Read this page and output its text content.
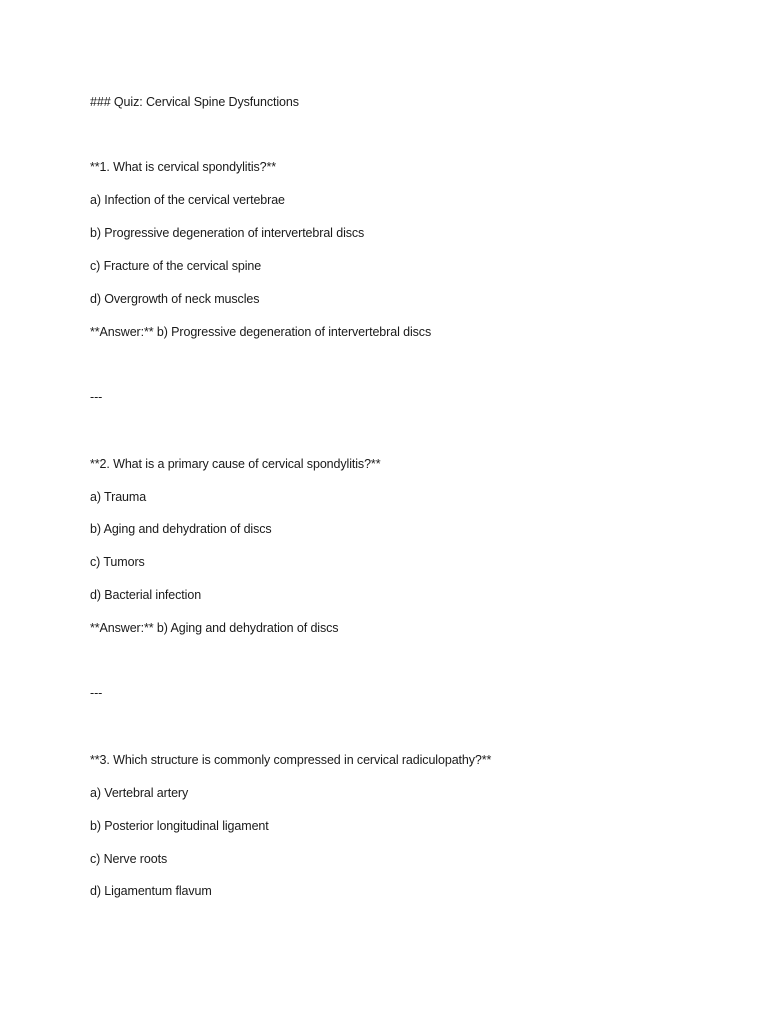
### Quiz: Cervical Spine Dysfunctions
**1. What is cervical spondylitis?**
a) Infection of the cervical vertebrae
b) Progressive degeneration of intervertebral discs
c) Fracture of the cervical spine
d) Overgrowth of neck muscles
**Answer:** b) Progressive degeneration of intervertebral discs
---
**2. What is a primary cause of cervical spondylitis?**
a) Trauma
b) Aging and dehydration of discs
c) Tumors
d) Bacterial infection
**Answer:** b) Aging and dehydration of discs
---
**3. Which structure is commonly compressed in cervical radiculopathy?**
a) Vertebral artery
b) Posterior longitudinal ligament
c) Nerve roots
d) Ligamentum flavum
